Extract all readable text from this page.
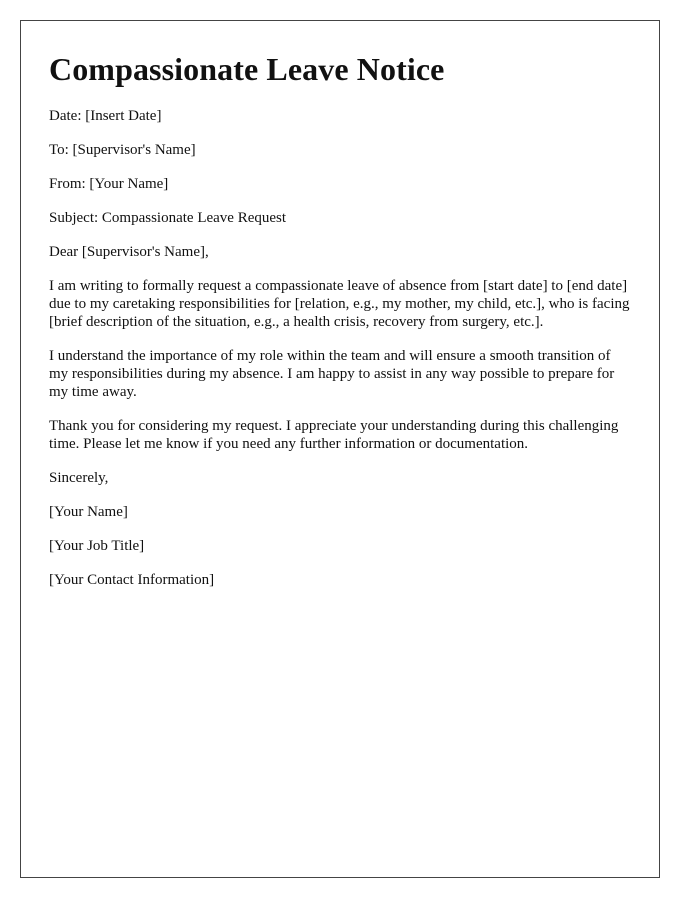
Compassionate Leave Notice

Date: [Insert Date]

To: [Supervisor's Name]

From: [Your Name]

Subject: Compassionate Leave Request

Dear [Supervisor's Name],

I am writing to formally request a compassionate leave of absence from [start date] to [end date] due to my caretaking responsibilities for [relation, e.g., my mother, my child, etc.], who is facing [brief description of the situation, e.g., a health crisis, recovery from surgery, etc.].

I understand the importance of my role within the team and will ensure a smooth transition of my responsibilities during my absence. I am happy to assist in any way possible to prepare for my time away.

Thank you for considering my request. I appreciate your understanding during this challenging time. Please let me know if you need any further information or documentation.

Sincerely,

[Your Name]

[Your Job Title]

[Your Contact Information]
